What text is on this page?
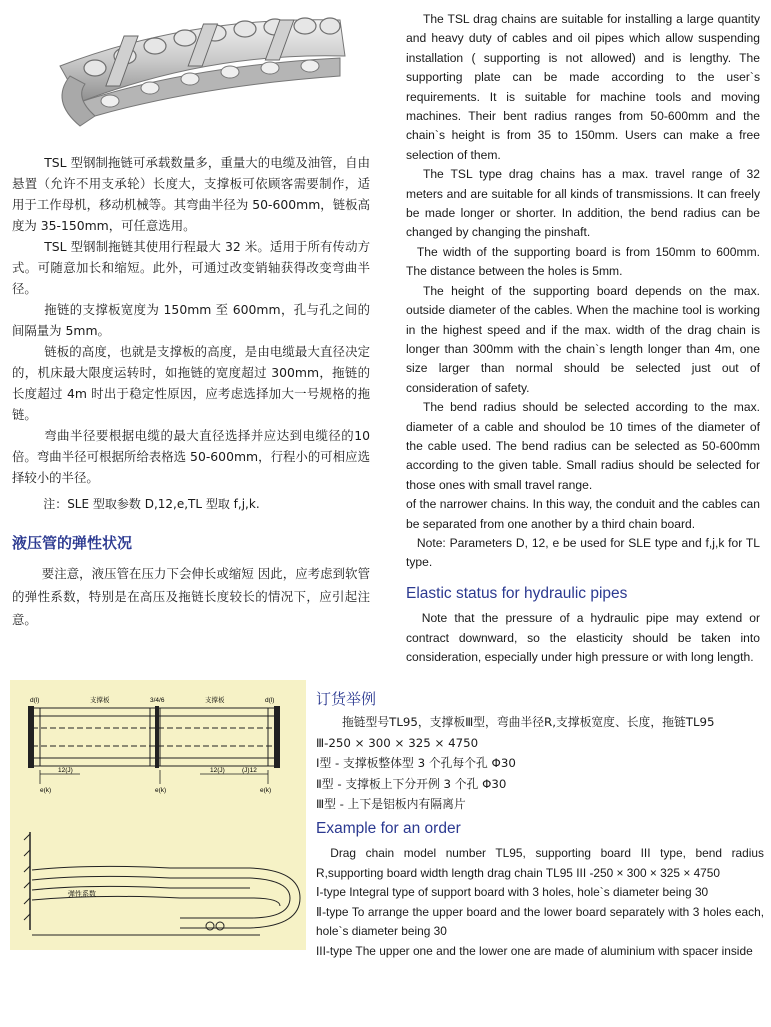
TSL 型钢制拖链可承载数量多，重量大的电缆及油管，自由悬置（允许不用支承轮）长度大，支撑板可依顾客需要制作，适用于工作母机，移动机械等。其弯曲半径为 50-600mm，链板高度为 35-150mm，可任意选用。

TSL 型钢制拖链其使用行程最大 32 米。适用于所有传动方式。可随意加长和缩短。此外，可通过改变销轴获得改变弯曲半径。

拖链的支撑板宽度为 150mm 至 600mm，孔与孔之间的间隔量为 5mm。

链板的高度，也就是支撑板的高度，是由电缆最大直径决定的，机床最大限度运转时，如拖链的宽度超过 300mm，拖链的长度超过 4m 时出于稳定性原因，应考虑选择加大一号规格的拖链。

弯曲半径要根据电缆的最大直径选择并应达到电缆径的10倍。弯曲半径可根据所给表格选 50-600mm，行程小的可相应选择较小的半径。

注：SLE 型取参数 D,12,e,TL 型取 f,j,k.

液压管的弹性状况

要注意，液压管在压力下会伸长或缩短 因此，应考虑到软管的弹性系数，特别是在高压及拖链长度较长的情况下，应引起注意。

The TSL drag chains are suitable for installing a large quantity and heavy duty of cables and oil pipes which allow suspending installation ( supporting is not allowed) and is lengthy. The supporting plate can be made according to the user`s requirements. It is suitable for machine tools and moving machines. Their bent radius ranges from 50-600mm and the chain`s height is from 35 to 150mm. Users can make a free selection of them.

The TSL type drag chains has a max. travel range of 32 meters and are suitable for all kinds of transmissions. It can freely be made longer or shorter. In addition, the bend radius can be changed by changing the pinshaft.

The width of the supporting board is from 150mm to 600mm. The distance between the holes is 5mm.

The height of the supporting board depends on the max. outside diameter of the cables. When the machine tool is working in the highest speed and if the max. width of the drag chain is longer than 300mm with the chain`s length longer than 4m, one size larger than normal should be selected just out of consideration of safety.

The bend radius should be selected according to the max. diameter of a cable and shoulod be 10 times of the diameter of the cable used. The bend radius can be selected as 50-600mm according to the given table. Small radius should be selected for those ones with small travel range.

of the narrower chains. In this way, the conduit and the cables can be separated from one another by a third chain board.

Note: Parameters D, 12, e be used for SLE type and f,j,k for TL type.

Elastic status for hydraulic pipes

Note that the pressure of a hydraulic pipe may extend or contract downward, so the elasticity should be taken into consideration, especially under high pressure or with long length.

d(l)	支撑板	3/4/6	支撑板	d(l)
12(J)	12(J)	(J)12
e(k)	e(k)	e(k)
弹性系数
订货举例
拖链型号TL95，支撑板Ⅲ型，弯曲半径R,支撑板宽度、长度，拖链TL95
Ⅲ-250 × 300 × 325 × 4750
Ⅰ型 - 支撑板整体型 3 个孔每个孔 Φ30
Ⅱ型 - 支撑板上下分开例 3 个孔 Φ30
Ⅲ型 - 上下是铝板内有隔离片
Example for an order
Drag chain model number TL95, supporting board III type, bend radius R,supporting board width length drag chain TL95 III -250 × 300 × 325 × 4750
Ⅰ-type Integral type of support board with 3 holes, hole`s diameter being 30
Ⅱ-type To arrange the upper board and the lower board separately with 3 holes each, hole`s diameter being 30
III-type The upper one and the lower one are made of aluminium with spacer inside
